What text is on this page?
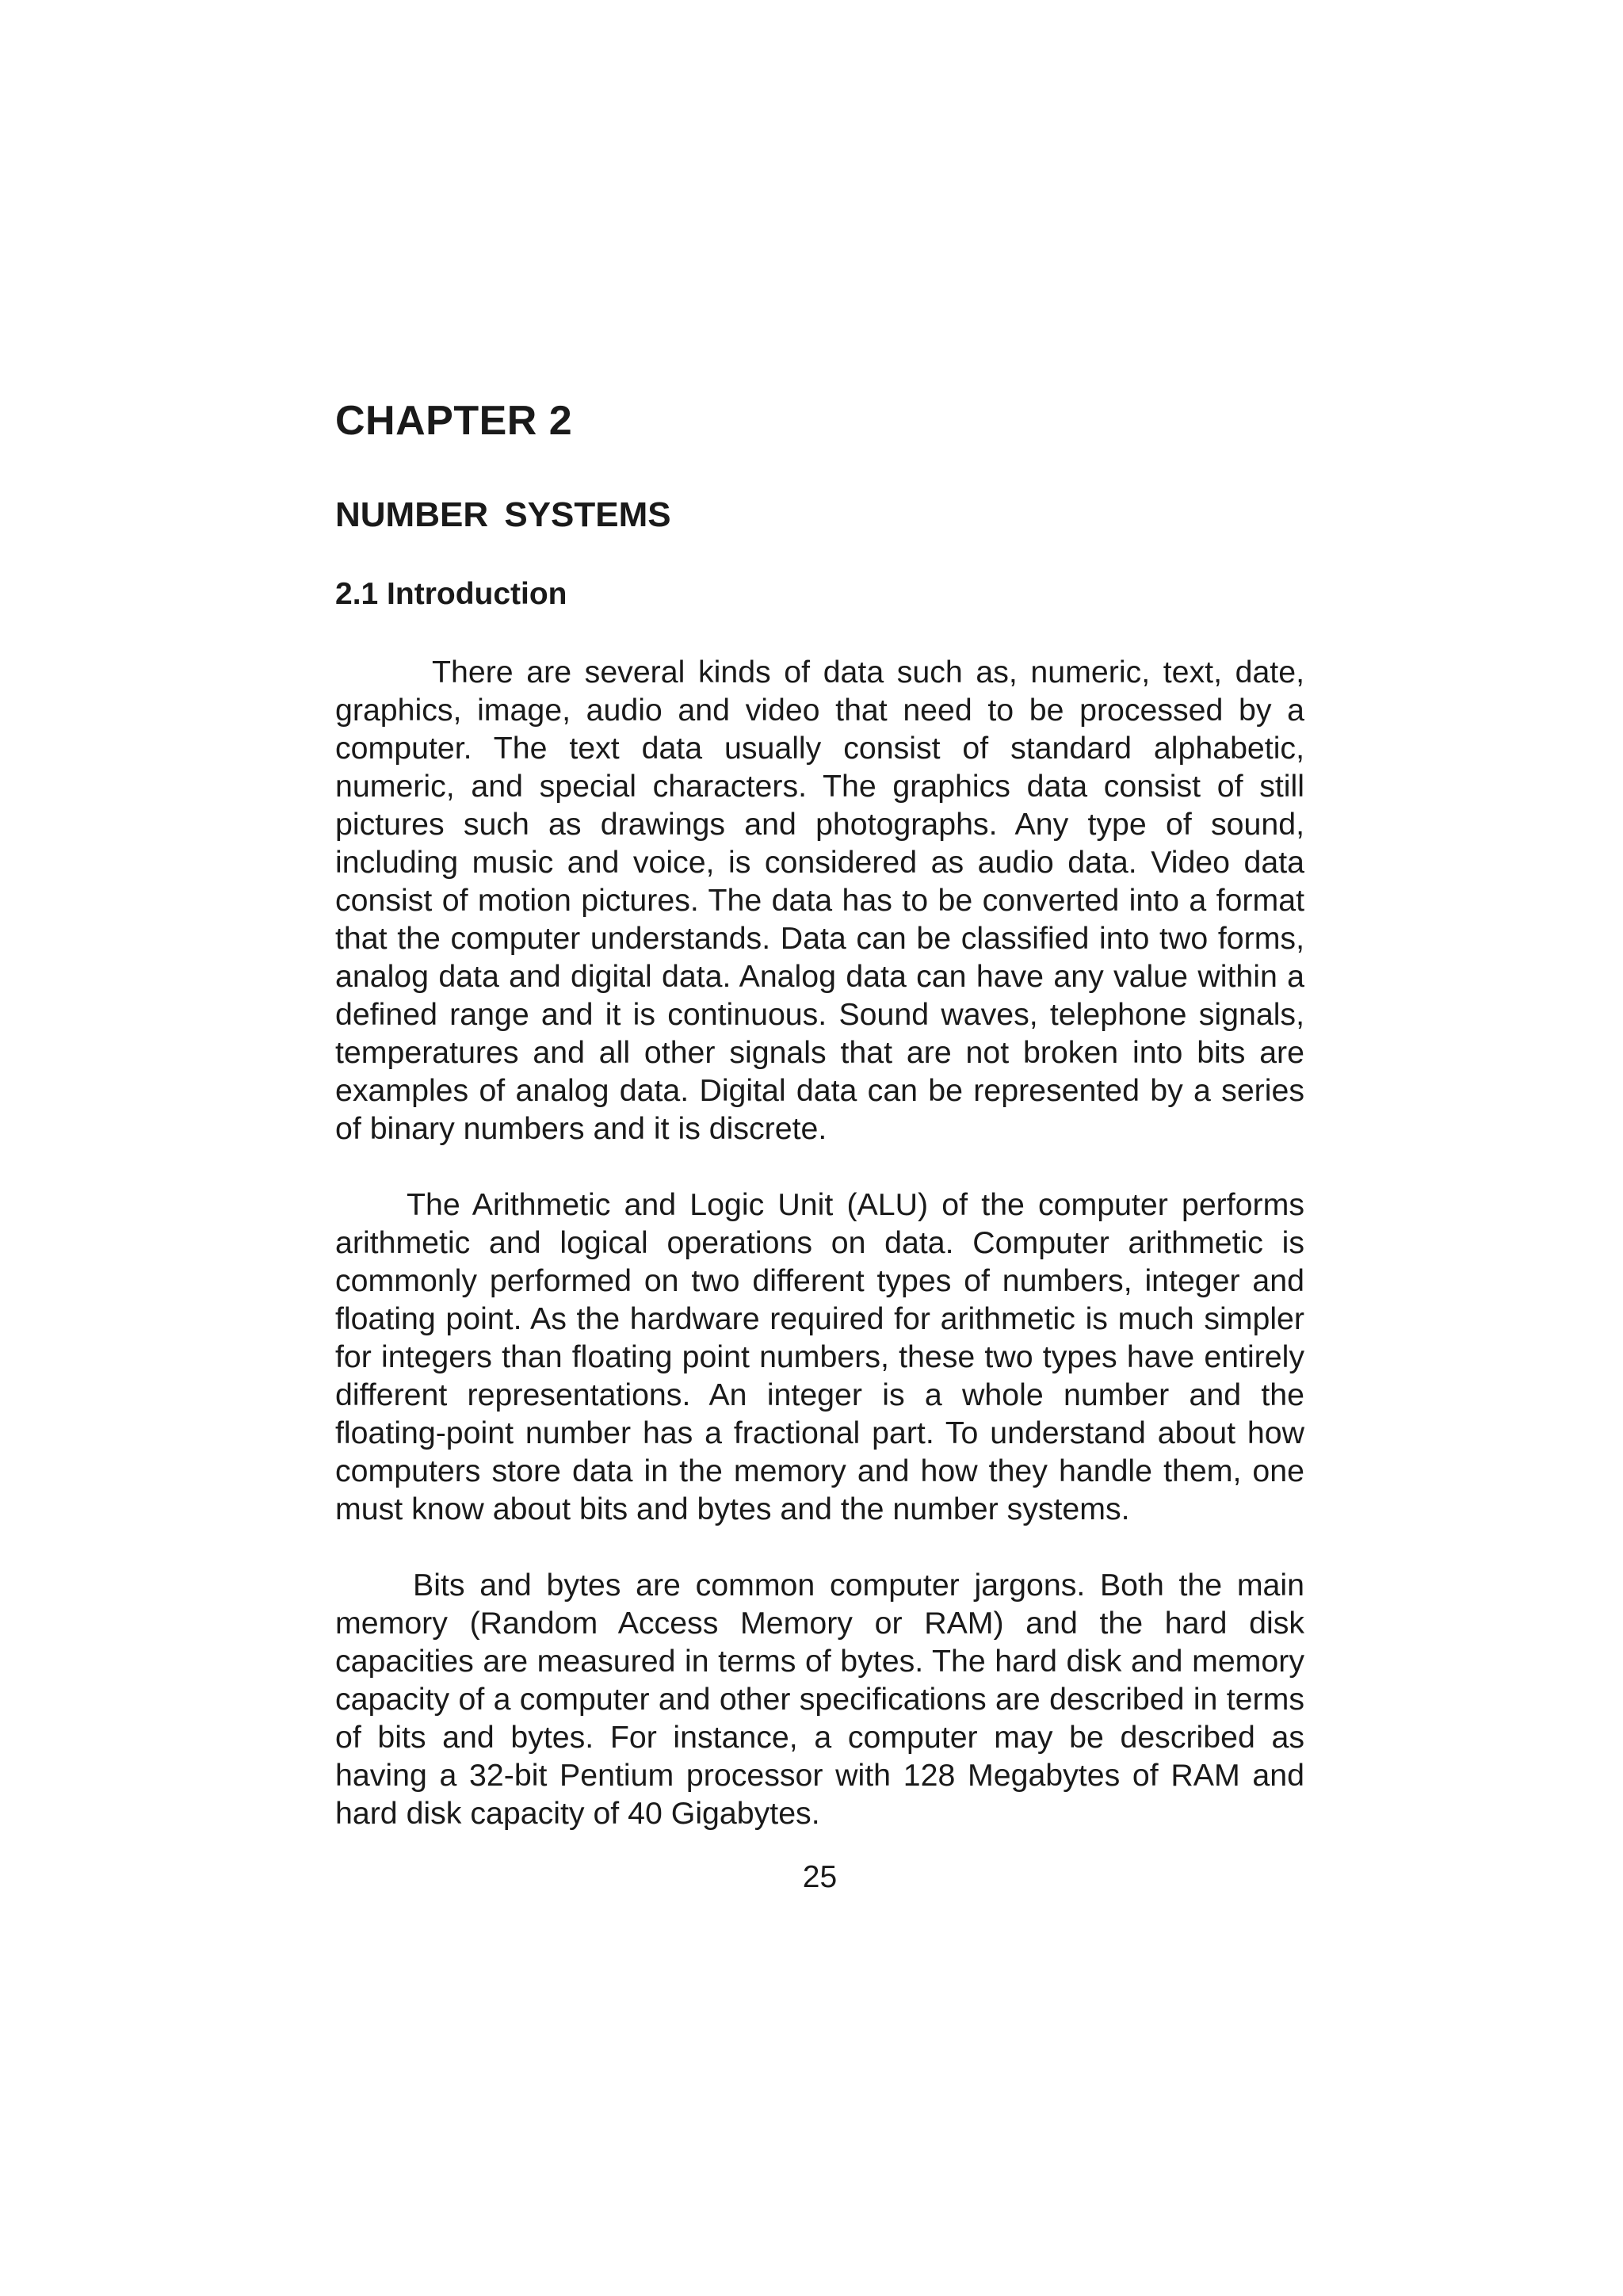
CHAPTER 2
NUMBER SYSTEMS
2.1 Introduction

There are several kinds of data such as, numeric, text, date, graphics, image, audio and video that need to be processed by a computer. The text data usually consist of standard alphabetic, numeric, and special characters. The graphics data consist of still pictures such as drawings and photographs. Any type of sound, including music and voice, is considered as audio data. Video data consist of motion pictures. The data has to be converted into a format that the computer understands. Data can be classified into two forms, analog data and digital data. Analog data can have any value within a defined range and it is continuous. Sound waves, telephone signals, temperatures and all other signals that are not broken into bits are examples of analog data. Digital data can be represented by a series of binary numbers and it is discrete.

The Arithmetic and Logic Unit (ALU) of the computer performs arithmetic and logical operations on data. Computer arithmetic is commonly performed on two different types of numbers, integer and floating point. As the hardware required for arithmetic is much simpler for integers than floating point numbers, these two types have entirely different representations. An integer is a whole number and the floating-point number has a fractional part. To understand about how computers store data in the memory and how they handle them, one must know about bits and bytes and the number systems.

Bits and bytes are common computer jargons. Both the main memory (Random Access Memory or RAM) and the hard disk capacities are measured in terms of bytes. The hard disk and memory capacity of a computer and other specifications are described in terms of bits and bytes. For instance, a computer may be described as having a 32-bit Pentium processor with 128 Megabytes of RAM and hard disk capacity of 40 Gigabytes.

25
